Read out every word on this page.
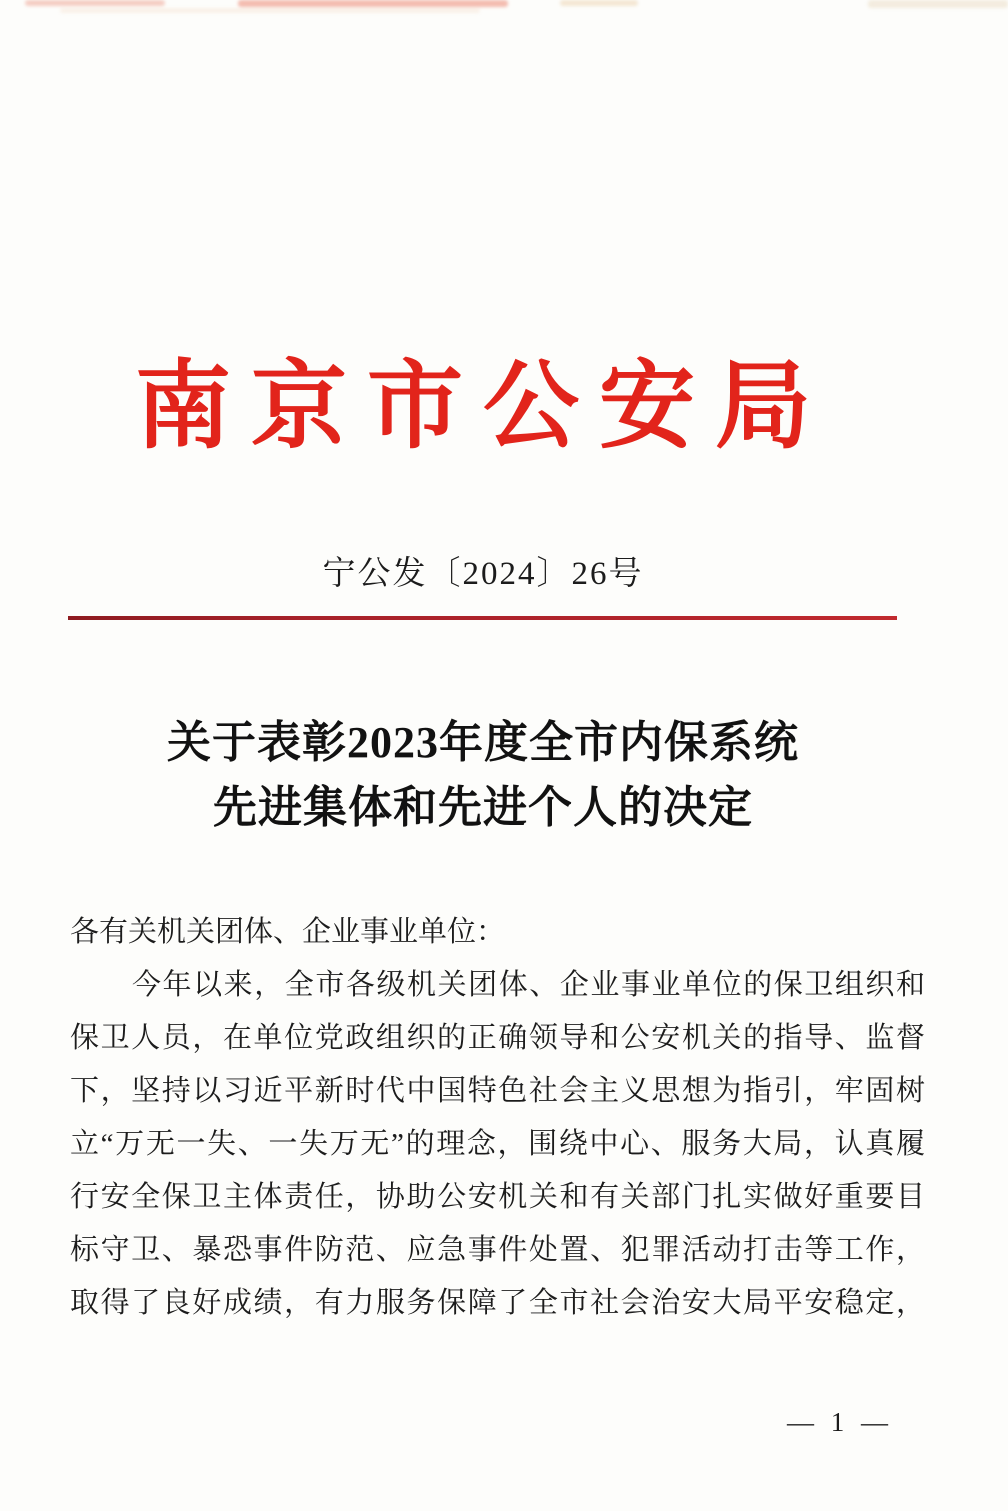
南京市公安局
宁公发〔2024〕26号
关于表彰2023年度全市内保系统
先进集体和先进个人的决定
各有关机关团体、企业事业单位：
今年以来，全市各级机关团体、企业事业单位的保卫组织和
保卫人员，在单位党政组织的正确领导和公安机关的指导、监督
下，坚持以习近平新时代中国特色社会主义思想为指引，牢固树
立“万无一失、一失万无”的理念，围绕中心、服务大局，认真履
行安全保卫主体责任，协助公安机关和有关部门扎实做好重要目
标守卫、暴恐事件防范、应急事件处置、犯罪活动打击等工作，
取得了良好成绩，有力服务保障了全市社会治安大局平安稳定，
— 1 —
